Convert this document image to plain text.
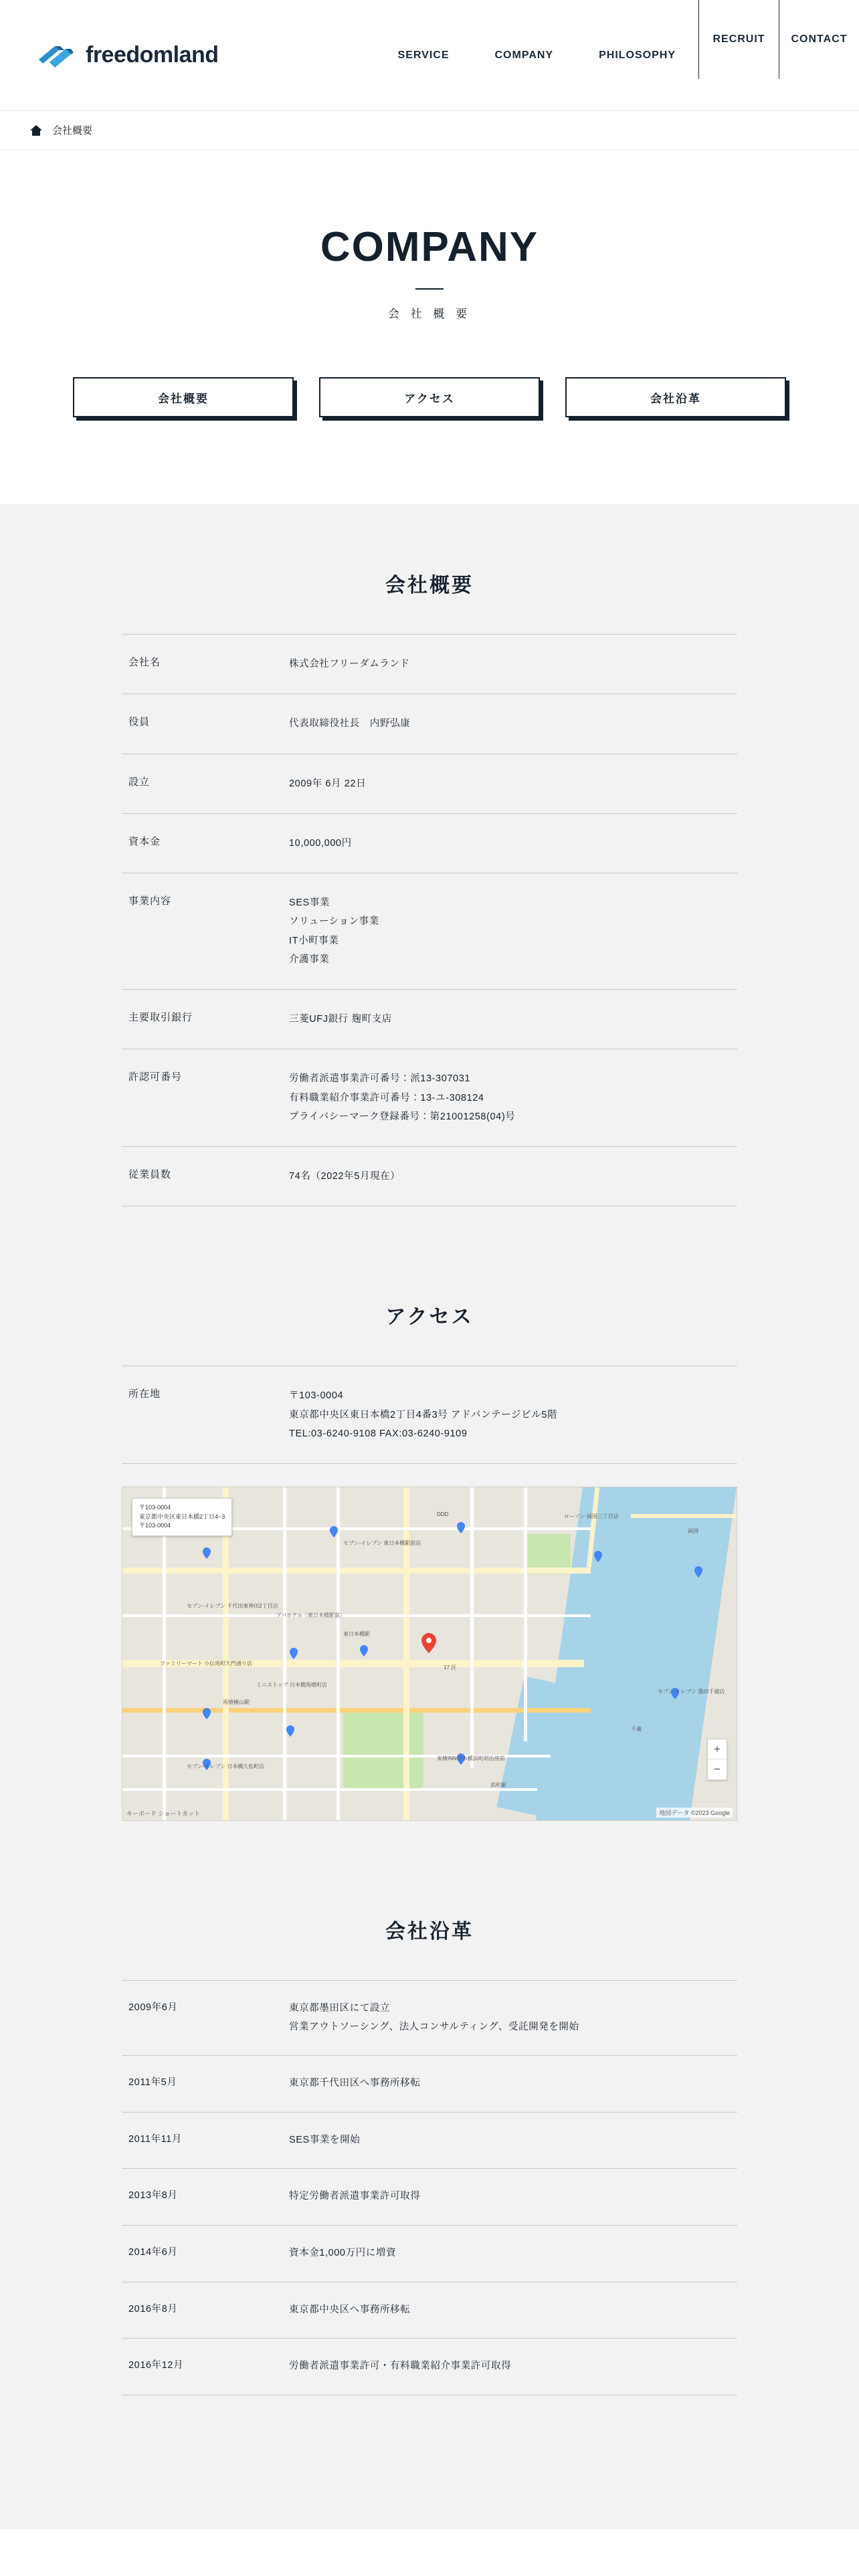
freedomland	SERVICE	COMPANY	PHILOSOPHY
RECRUIT	CONTACT
会社概要
COMPANY
会 社 概 要
会社概要	アクセス	会社沿革
会社概要
会社名	株式会社フリーダムランド
役員	代表取締役社長　内野弘康
設立	2009年 6月 22日
資本金	10,000,000円
事業内容	SES事業
ソリューション事業
IT小町事業
介護事業
主要取引銀行	三菱UFJ銀行 麹町支店
許認可番号	労働者派遣事業許可番号：派13-307031
有料職業紹介事業許可番号：13-ユ-308124
プライバシーマーク登録番号：第21001258(04)号
従業員数	74名（2022年5月現在）
アクセス
所在地	〒103-0004
東京都中央区東日本橋2丁目4番3号 アドバンテージビル5階
TEL:03-6240-9108 FAX:03-6240-9109
〒103-0004
東京都中央区東日本橋2丁目4−3
〒103-0004
ローソン 両国三丁目店
セブン-イレブン 東日本橋駅前店
セブン-イレブン 千代田東神田2丁目店
アパホテル〈東日本橋駅前〉
ファミリーマート 小伝馬町大門通り店
ミニストップ 日本橋馬喰町店
セブン-イレブン 日本橋久松町店
東横INN日本橋浜町明治座前
セブン-イレブン 墨田千歳店
馬喰横山駅
東日本橋駅
浜町駅
千歳
両国
17 区
DDD
+
−
地図データ ©2023 Google
キーボード ショートカット
会社沿革
2009年6月	東京都墨田区にて設立
営業アウトソーシング、法人コンサルティング、受託開発を開始
2011年5月	東京都千代田区へ事務所移転
2011年11月	SES事業を開始
2013年8月	特定労働者派遣事業許可取得
2014年6月	資本金1,000万円に増資
2016年8月	東京都中央区へ事務所移転
2016年12月	労働者派遣事業許可・有料職業紹介事業許可取得
